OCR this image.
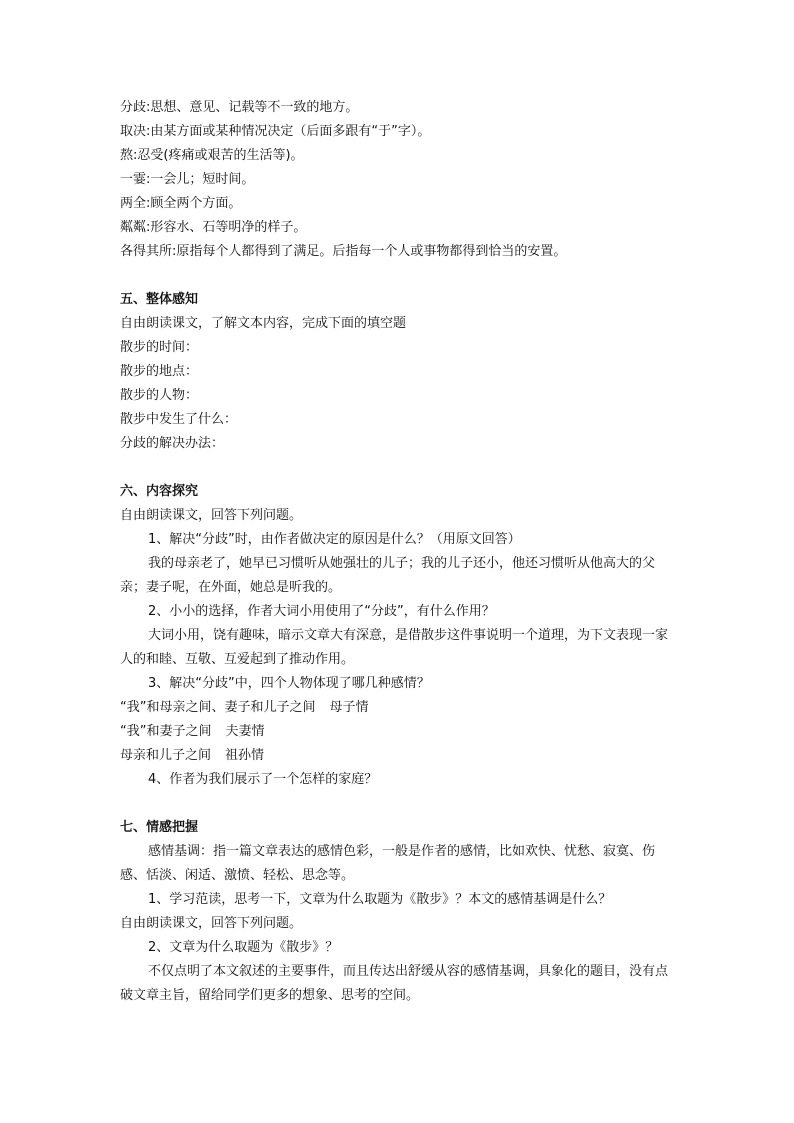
分歧:思想、意见、记载等不一致的地方。
取决:由某方面或某种情况决定（后面多跟有“于”字）。
熬:忍受(疼痛或艰苦的生活等)。
一霎:一会儿；短时间。
两全:顾全两个方面。
粼粼:形容水、石等明净的样子。
各得其所:原指每个人都得到了满足。后指每一个人或事物都得到恰当的安置。
五、整体感知
自由朗读课文，了解文本内容，完成下面的填空题
散步的时间：
散步的地点：
散步的人物：
散步中发生了什么：
分歧的解决办法：
六、内容探究
自由朗读课文，回答下列问题。
1、解决“分歧”时，由作者做决定的原因是什么？（用原文回答）
我的母亲老了，她早已习惯听从她强壮的儿子；我的儿子还小，他还习惯听从他高大的父亲；妻子呢，在外面，她总是听我的。
2、小小的选择，作者大词小用使用了“分歧”，有什么作用？
大词小用，饶有趣味，暗示文章大有深意，是借散步这件事说明一个道理，为下文表现一家人的和睦、互敬、互爱起到了推动作用。
3、解决“分歧”中，四个人物体现了哪几种感情？
“我”和母亲之间、妻子和儿子之间 母子情
“我”和妻子之间 夫妻情
母亲和儿子之间 祖孙情
4、作者为我们展示了一个怎样的家庭？
七、情感把握
感情基调：指一篇文章表达的感情色彩，一般是作者的感情，比如欢快、忧愁、寂寞、伤感、恬淡、闲适、激愤、轻松、思念等。
1、学习范读，思考一下，文章为什么取题为《散步》？本文的感情基调是什么？
自由朗读课文，回答下列问题。
2、文章为什么取题为《散步》？
不仅点明了本文叙述的主要事件，而且传达出舒缓从容的感情基调，具象化的题目，没有点破文章主旨，留给同学们更多的想象、思考的空间。
